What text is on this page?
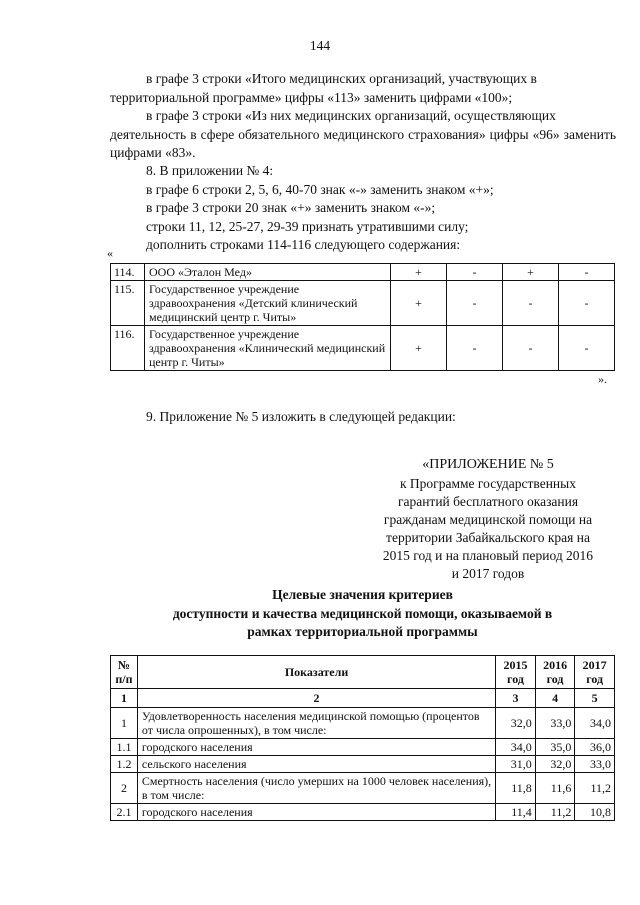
144
в графе 3 строки «Итого медицинских организаций, участвующих в
территориальной программе» цифры «113» заменить цифрами «100»;
в графе 3 строки «Из них медицинских организаций, осуществляющих
деятельность в сфере обязательного медицинского страхования» цифры «96» заменить цифрами «83».
8. В приложении № 4:
в графе 6 строки 2, 5, 6, 40-70 знак «-» заменить знаком «+»;
в графе 3 строки 20 знак «+» заменить знаком «-»;
строки 11, 12, 25-27, 29-39 признать утратившими силу;
дополнить строками 114-116 следующего содержания:
«
114.	ООО «Эталон Мед»	+	-	+	-
115.	Государственное учреждение здравоохранения «Детский клинический медицинский центр г. Читы»	+	-	-	-
116.	Государственное учреждение здравоохранения «Клинический медицинский центр г. Читы»	+	-	-	-
».
9. Приложение № 5 изложить в следующей редакции:
«ПРИЛОЖЕНИЕ № 5
к Программе государственных
гарантий бесплатного оказания
гражданам медицинской помощи на
территории Забайкальского края на
2015 год и на плановый период 2016
и 2017 годов
Целевые значения критериев
доступности и качества медицинской помощи, оказываемой в
рамках территориальной программы
№ п/п	Показатели	2015 год	2016 год	2017 год
1	2	3	4	5
1	Удовлетворенность населения медицинской помощью (процентов от числа опрошенных), в том числе:	32,0	33,0	34,0
1.1	городского населения	34,0	35,0	36,0
1.2	сельского населения	31,0	32,0	33,0
2	Смертность населения (число умерших на 1000 человек населения), в том числе:	11,8	11,6	11,2
2.1	городского населения	11,4	11,2	10,8
